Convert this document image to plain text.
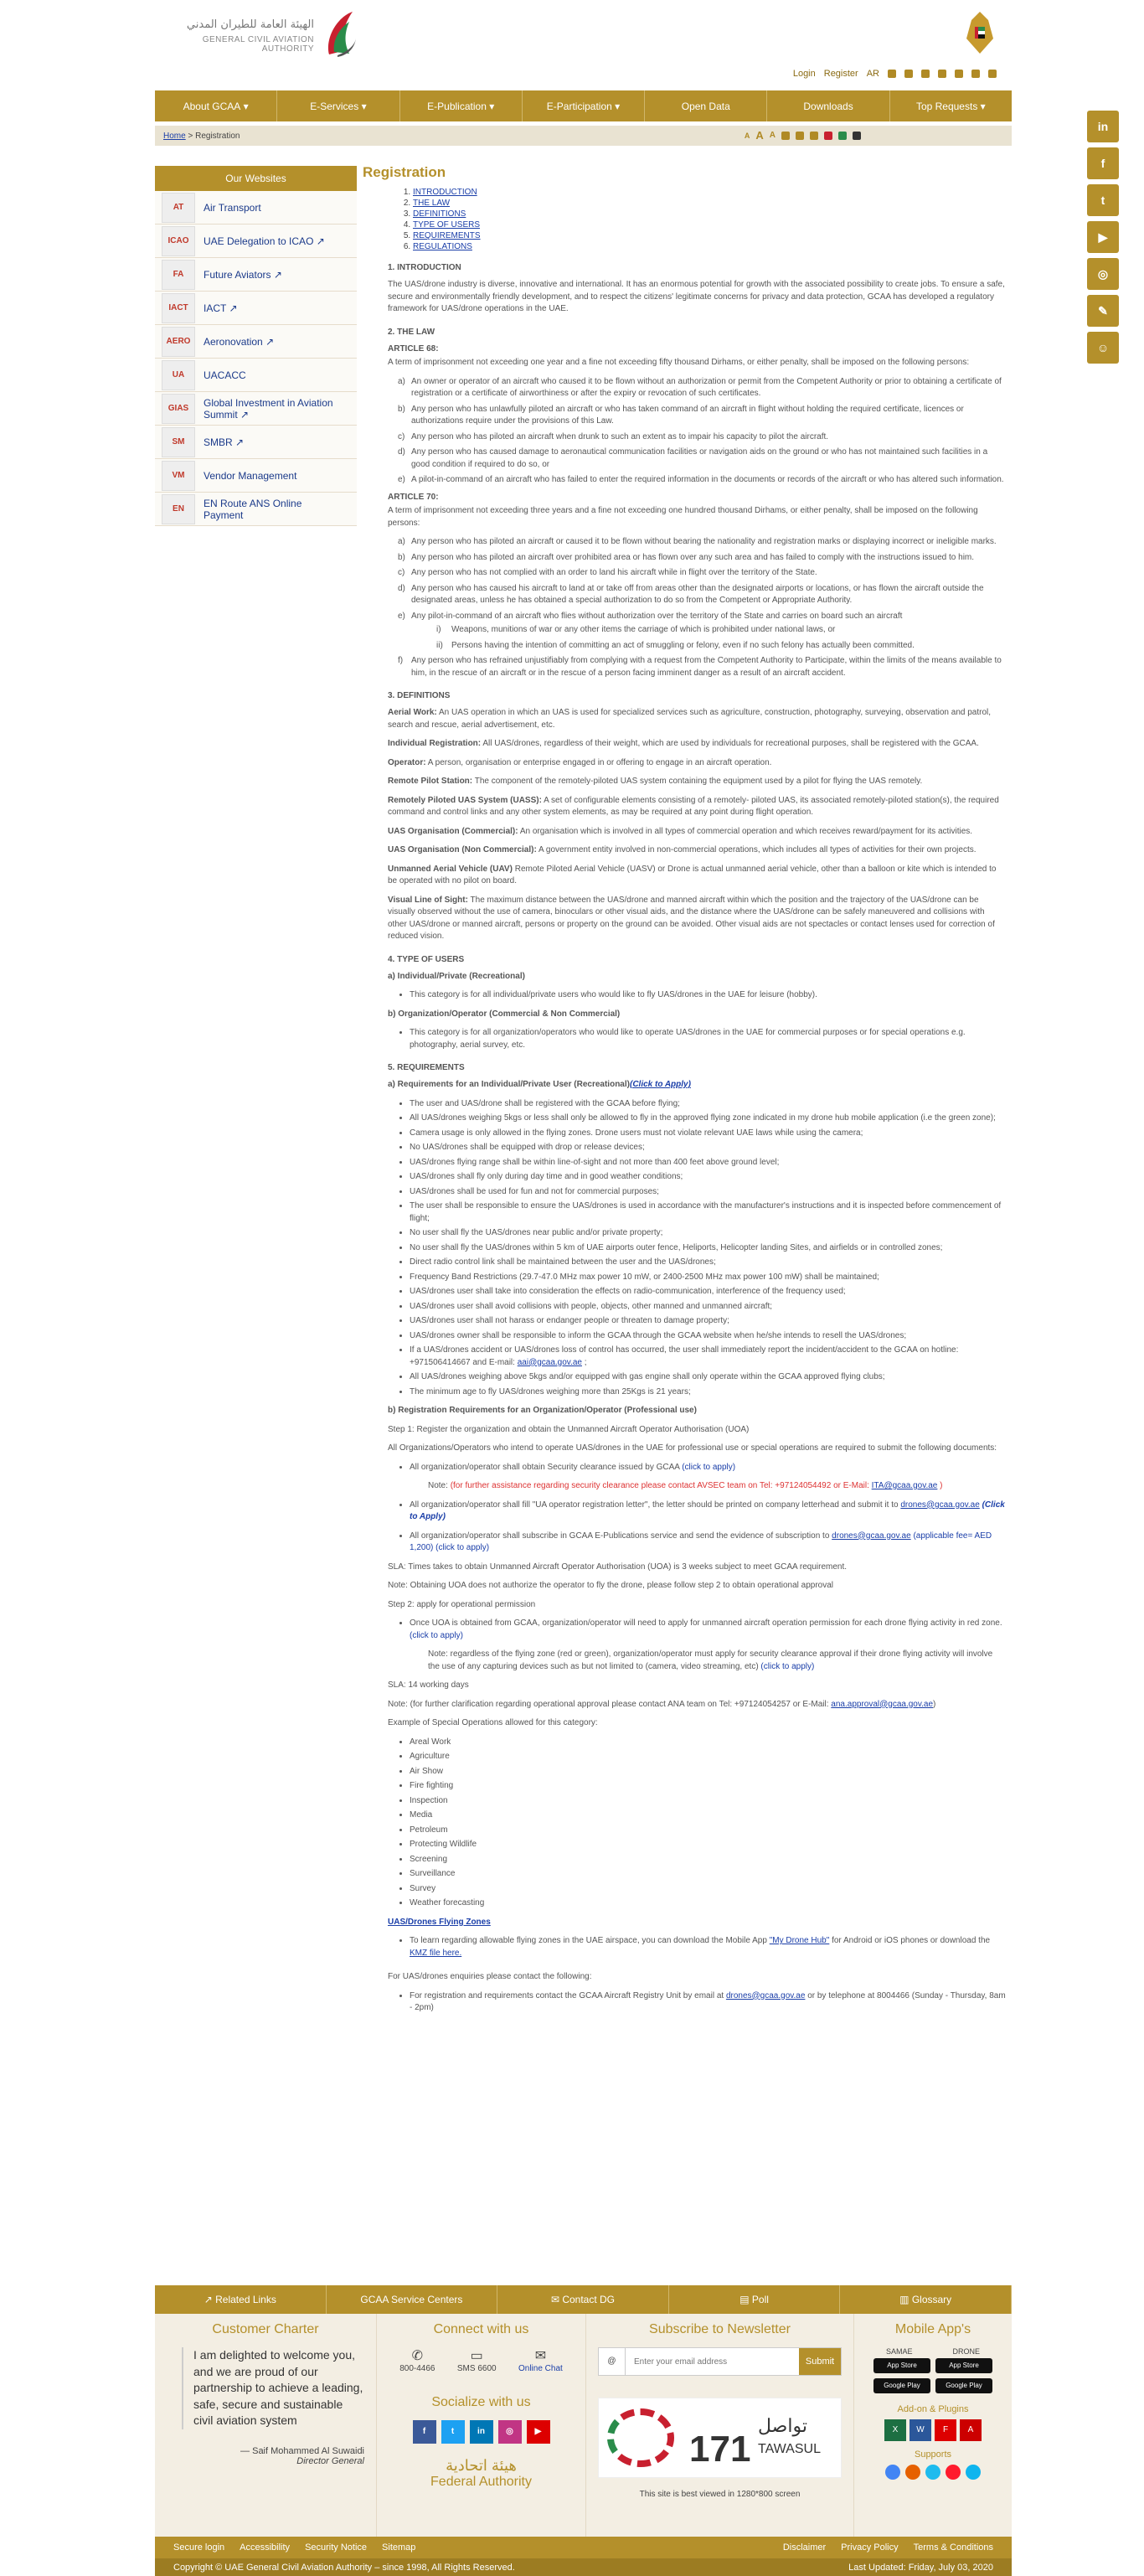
الهيئة العامة للطيران المدني
GENERAL CIVIL AVIATION AUTHORITY
Login Register AR
About GCAA
▾	E-Services
▾	E-Publication
▾	E-Participation
▾	Open Data	Downloads	Top Requests
▾
Home
>
Registration	A A A
Our Websites
AT	Air Transport
ICAO	UAE Delegation to ICAO ↗
FA	Future Aviators ↗
IACT	IACT ↗
AERO	Aeronovation ↗
UA	UACACC
GIAS	Global Investment in Aviation Summit ↗
SM	SMBR ↗
VM	Vendor Management
EN	EN Route ANS Online Payment
in
f
t
▶
◎
✎
☺
Registration
1. INTRODUCTION
2. THE LAW
3. DEFINITIONS
4. TYPE OF USERS
5. REQUIREMENTS
6. REGULATIONS
1. INTRODUCTION

The UAS/drone industry is diverse, innovative and international. It has an enormous potential for growth with the associated possibility to create jobs. To ensure a safe, secure and environmentally friendly development, and to respect the citizens' legitimate concerns for privacy and data protection, GCAA has developed a regulatory framework for UAS/drone operations in the UAE.

2. THE LAW

ARTICLE 68:

A term of imprisonment not exceeding one year and a fine not exceeding fifty thousand Dirhams, or either penalty, shall be imposed on the following persons:

a) An owner or operator of an aircraft who caused it to be flown without an authorization or permit from the Competent Authority or prior to obtaining a certificate of registration or a certificate of airworthiness or after the expiry or revocation of such certificates.
b) Any person who has unlawfully piloted an aircraft or who has taken command of an aircraft in flight without holding the required certificate, licences or authorizations require under the provisions of this Law.
c) Any person who has piloted an aircraft when drunk to such an extent as to impair his capacity to pilot the aircraft.
d) Any person who has caused damage to aeronautical communication facilities or navigation aids on the ground or who has not maintained such facilities in a good condition if required to do so, or
e) A pilot-in-command of an aircraft who has failed to enter the required information in the documents or records of the aircraft or who has altered such information.

ARTICLE 70:

A term of imprisonment not exceeding three years and a fine not exceeding one hundred thousand Dirhams, or either penalty, shall be imposed on the following persons:

a) Any person who has piloted an aircraft or caused it to be flown without bearing the nationality and registration marks or displaying incorrect or ineligible marks.
b) Any person who has piloted an aircraft over prohibited area or has flown over any such area and has failed to comply with the instructions issued to him.
c) Any person who has not complied with an order to land his aircraft while in flight over the territory of the State.
d) Any person who has caused his aircraft to land at or take off from areas other than the designated airports or locations, or has flown the aircraft outside the designated areas, unless he has obtained a special authorization to do so from the Competent or Appropriate Authority.
e) Any pilot-in-command of an aircraft who flies without authorization over the territory of the State and carries on board such an aircraft
i) Weapons, munitions of war or any other items the carriage of which is prohibited under national laws, or
ii) Persons having the intention of committing an act of smuggling or felony, even if no such felony has actually been committed.
f) Any person who has refrained unjustifiably from complying with a request from the Competent Authority to Participate, within the limits of the means available to him, in the rescue of an aircraft or in the rescue of a person facing imminent danger as a result of an aircraft accident.
3. DEFINITIONS

Aerial Work: An UAS operation in which an UAS is used for specialized services such as agriculture, construction, photography, surveying, observation and patrol, search and rescue, aerial advertisement, etc.

Individual Registration: All UAS/drones, regardless of their weight, which are used by individuals for recreational purposes, shall be registered with the GCAA.

Operator: A person, organisation or enterprise engaged in or offering to engage in an aircraft operation.

Remote Pilot Station: The component of the remotely-piloted UAS system containing the equipment used by a pilot for flying the UAS remotely.

Remotely Piloted UAS System (UASS): A set of configurable elements consisting of a remotely- piloted UAS, its associated remotely-piloted station(s), the required command and control links and any other system elements, as may be required at any point during flight operation.

UAS Organisation (Commercial): An organisation which is involved in all types of commercial operation and which receives reward/payment for its activities.

UAS Organisation (Non Commercial): A government entity involved in non-commercial operations, which includes all types of activities for their own projects.

Unmanned Aerial Vehicle (UAV) Remote Piloted Aerial Vehicle (UASV) or Drone is actual unmanned aerial vehicle, other than a balloon or kite which is intended to be operated with no pilot on board.

Visual Line of Sight: The maximum distance between the UAS/drone and manned aircraft within which the position and the trajectory of the UAS/drone can be visually observed without the use of camera, binoculars or other visual aids, and the distance where the UAS/drone can be safely maneuvered and collisions with other UAS/drone or manned aircraft, persons or property on the ground can be avoided. Other visual aids are not spectacles or contact lenses used for correction of reduced vision.

4. TYPE OF USERS

a) Individual/Private (Recreational)

• This category is for all individual/private users who would like to fly UAS/drones in the UAE for leisure (hobby).

b) Organization/Operator (Commercial & Non Commercial)

• This category is for all organization/operators who would like to operate UAS/drones in the UAE for commercial purposes or for special operations e.g. photography, aerial survey, etc.
5. REQUIREMENTS

a) Requirements for an Individual/Private User (Recreational)(Click to Apply)

• The user and UAS/drone shall be registered with the GCAA before flying;
• All UAS/drones weighing 5kgs or less shall only be allowed to fly in the approved flying zone indicated in my drone hub mobile application (i.e the green zone);
• Camera usage is only allowed in the flying zones. Drone users must not violate relevant UAE laws while using the camera;
• No UAS/drones shall be equipped with drop or release devices;
• UAS/drones flying range shall be within line-of-sight and not more than 400 feet above ground level;
• UAS/drones shall fly only during day time and in good weather conditions;
• UAS/drones shall be used for fun and not for commercial purposes;
• The user shall be responsible to ensure the UAS/drones is used in accordance with the manufacturer's instructions and it is inspected before commencement of flight;
• No user shall fly the UAS/drones near public and/or private property;
• No user shall fly the UAS/drones within 5 km of UAE airports outer fence, Heliports, Helicopter landing Sites, and airfields or in controlled zones;
• Direct radio control link shall be maintained between the user and the UAS/drones;
• Frequency Band Restrictions (29.7-47.0 MHz max power 10 mW, or 2400-2500 MHz max power 100 mW) shall be maintained;
• UAS/drones user shall take into consideration the effects on radio-communication, interference of the frequency used;
• UAS/drones user shall avoid collisions with people, objects, other manned and unmanned aircraft;
• UAS/drones user shall not harass or endanger people or threaten to damage property;
• UAS/drones owner shall be responsible to inform the GCAA through the GCAA website when he/she intends to resell the UAS/drones;
• If a UAS/drones accident or UAS/drones loss of control has occurred, the user shall immediately report the incident/accident to the GCAA on hotline: +971506414667 and E-mail: aai@gcaa.gov.ae ;
• All UAS/drones weighing above 5kgs and/or equipped with gas engine shall only operate within the GCAA approved flying clubs;
• The minimum age to fly UAS/drones weighing more than 25Kgs is 21 years;

b) Registration Requirements for an Organization/Operator (Professional use)

Step 1: Register the organization and obtain the Unmanned Aircraft Operator Authorisation (UOA)

All Organizations/Operators who intend to operate UAS/drones in the UAE for professional use or special operations are required to submit the following documents:

• All organization/operator shall obtain Security clearance issued by GCAA (click to apply)

Note: (for further assistance regarding security clearance please contact AVSEC team on Tel: +97124054492 or E-Mail: ITA@gcaa.gov.ae )

• All organization/operator shall fill "UA operator registration letter", the letter should be printed on company letterhead and submit it to drones@gcaa.gov.ae (Click to Apply)
• All organization/operator shall subscribe in GCAA E-Publications service and send the evidence of subscription to drones@gcaa.gov.ae (applicable fee= AED 1,200) (click to apply)

SLA: Times takes to obtain Unmanned Aircraft Operator Authorisation (UOA) is 3 weeks subject to meet GCAA requirement.

Note: Obtaining UOA does not authorize the operator to fly the drone, please follow step 2 to obtain operational approval

Step 2: apply for operational permission

• Once UOA is obtained from GCAA, organization/operator will need to apply for unmanned aircraft operation permission for each drone flying activity in red zone. (click to apply)

Note: regardless of the flying zone (red or green), organization/operator must apply for security clearance approval if their drone flying activity will involve the use of any capturing devices such as but not limited to (camera, video streaming, etc) (click to apply)

SLA: 14 working days

Note: (for further clarification regarding operational approval please contact ANA team on Tel: +97124054257 or E-Mail: ana.approval@gcaa.gov.ae)

Example of Special Operations allowed for this category:

• Areal Work
• Agriculture
• Air Show
• Fire fighting
• Inspection
• Media
• Petroleum
• Protecting Wildlife
• Screening
• Surveillance
• Survey
• Weather forecasting

UAS/Drones Flying Zones

• To learn regarding allowable flying zones in the UAE airspace, you can download the Mobile App "My Drone Hub" for Android or iOS phones or download the KMZ file here.

For UAS/drones enquiries please contact the following:

• For registration and requirements contact the GCAA Aircraft Registry Unit by email at drones@gcaa.gov.ae or by telephone at 8004466 (Sunday - Thursday, 8am - 2pm)
↗ Related Links	GCAA Service Centers	✉ Contact DG	▤ Poll	▥ Glossary
Customer Charter
I am delighted to welcome you, and we are proud of our partnership to achieve a leading, safe, secure and sustainable civil aviation system
— Saif Mohammed Al Suwaidi
Director General
Connect with us
✆
800-4466
▭
SMS 6600
✉
Online Chat
Socialize with us
f	t	in	◎	▶
هيئة اتحادية
Federal Authority
Subscribe to Newsletter
@
Enter your email address	Submit
171
تواصل
TAWASUL
This site is best viewed in 1280*800 screen
Mobile App's
SAMAE	DRONE
App Store	App Store
Google Play	Google Play
Add-on & Plugins
X	W	F	A
Supports
Secure login Accessibility Security Notice Sitemap	Disclaimer Privacy Policy Terms & Conditions
Copyright © UAE General Civil Aviation Authority – since 1998, All Rights Reserved.	Last Updated: Friday, July 03, 2020
